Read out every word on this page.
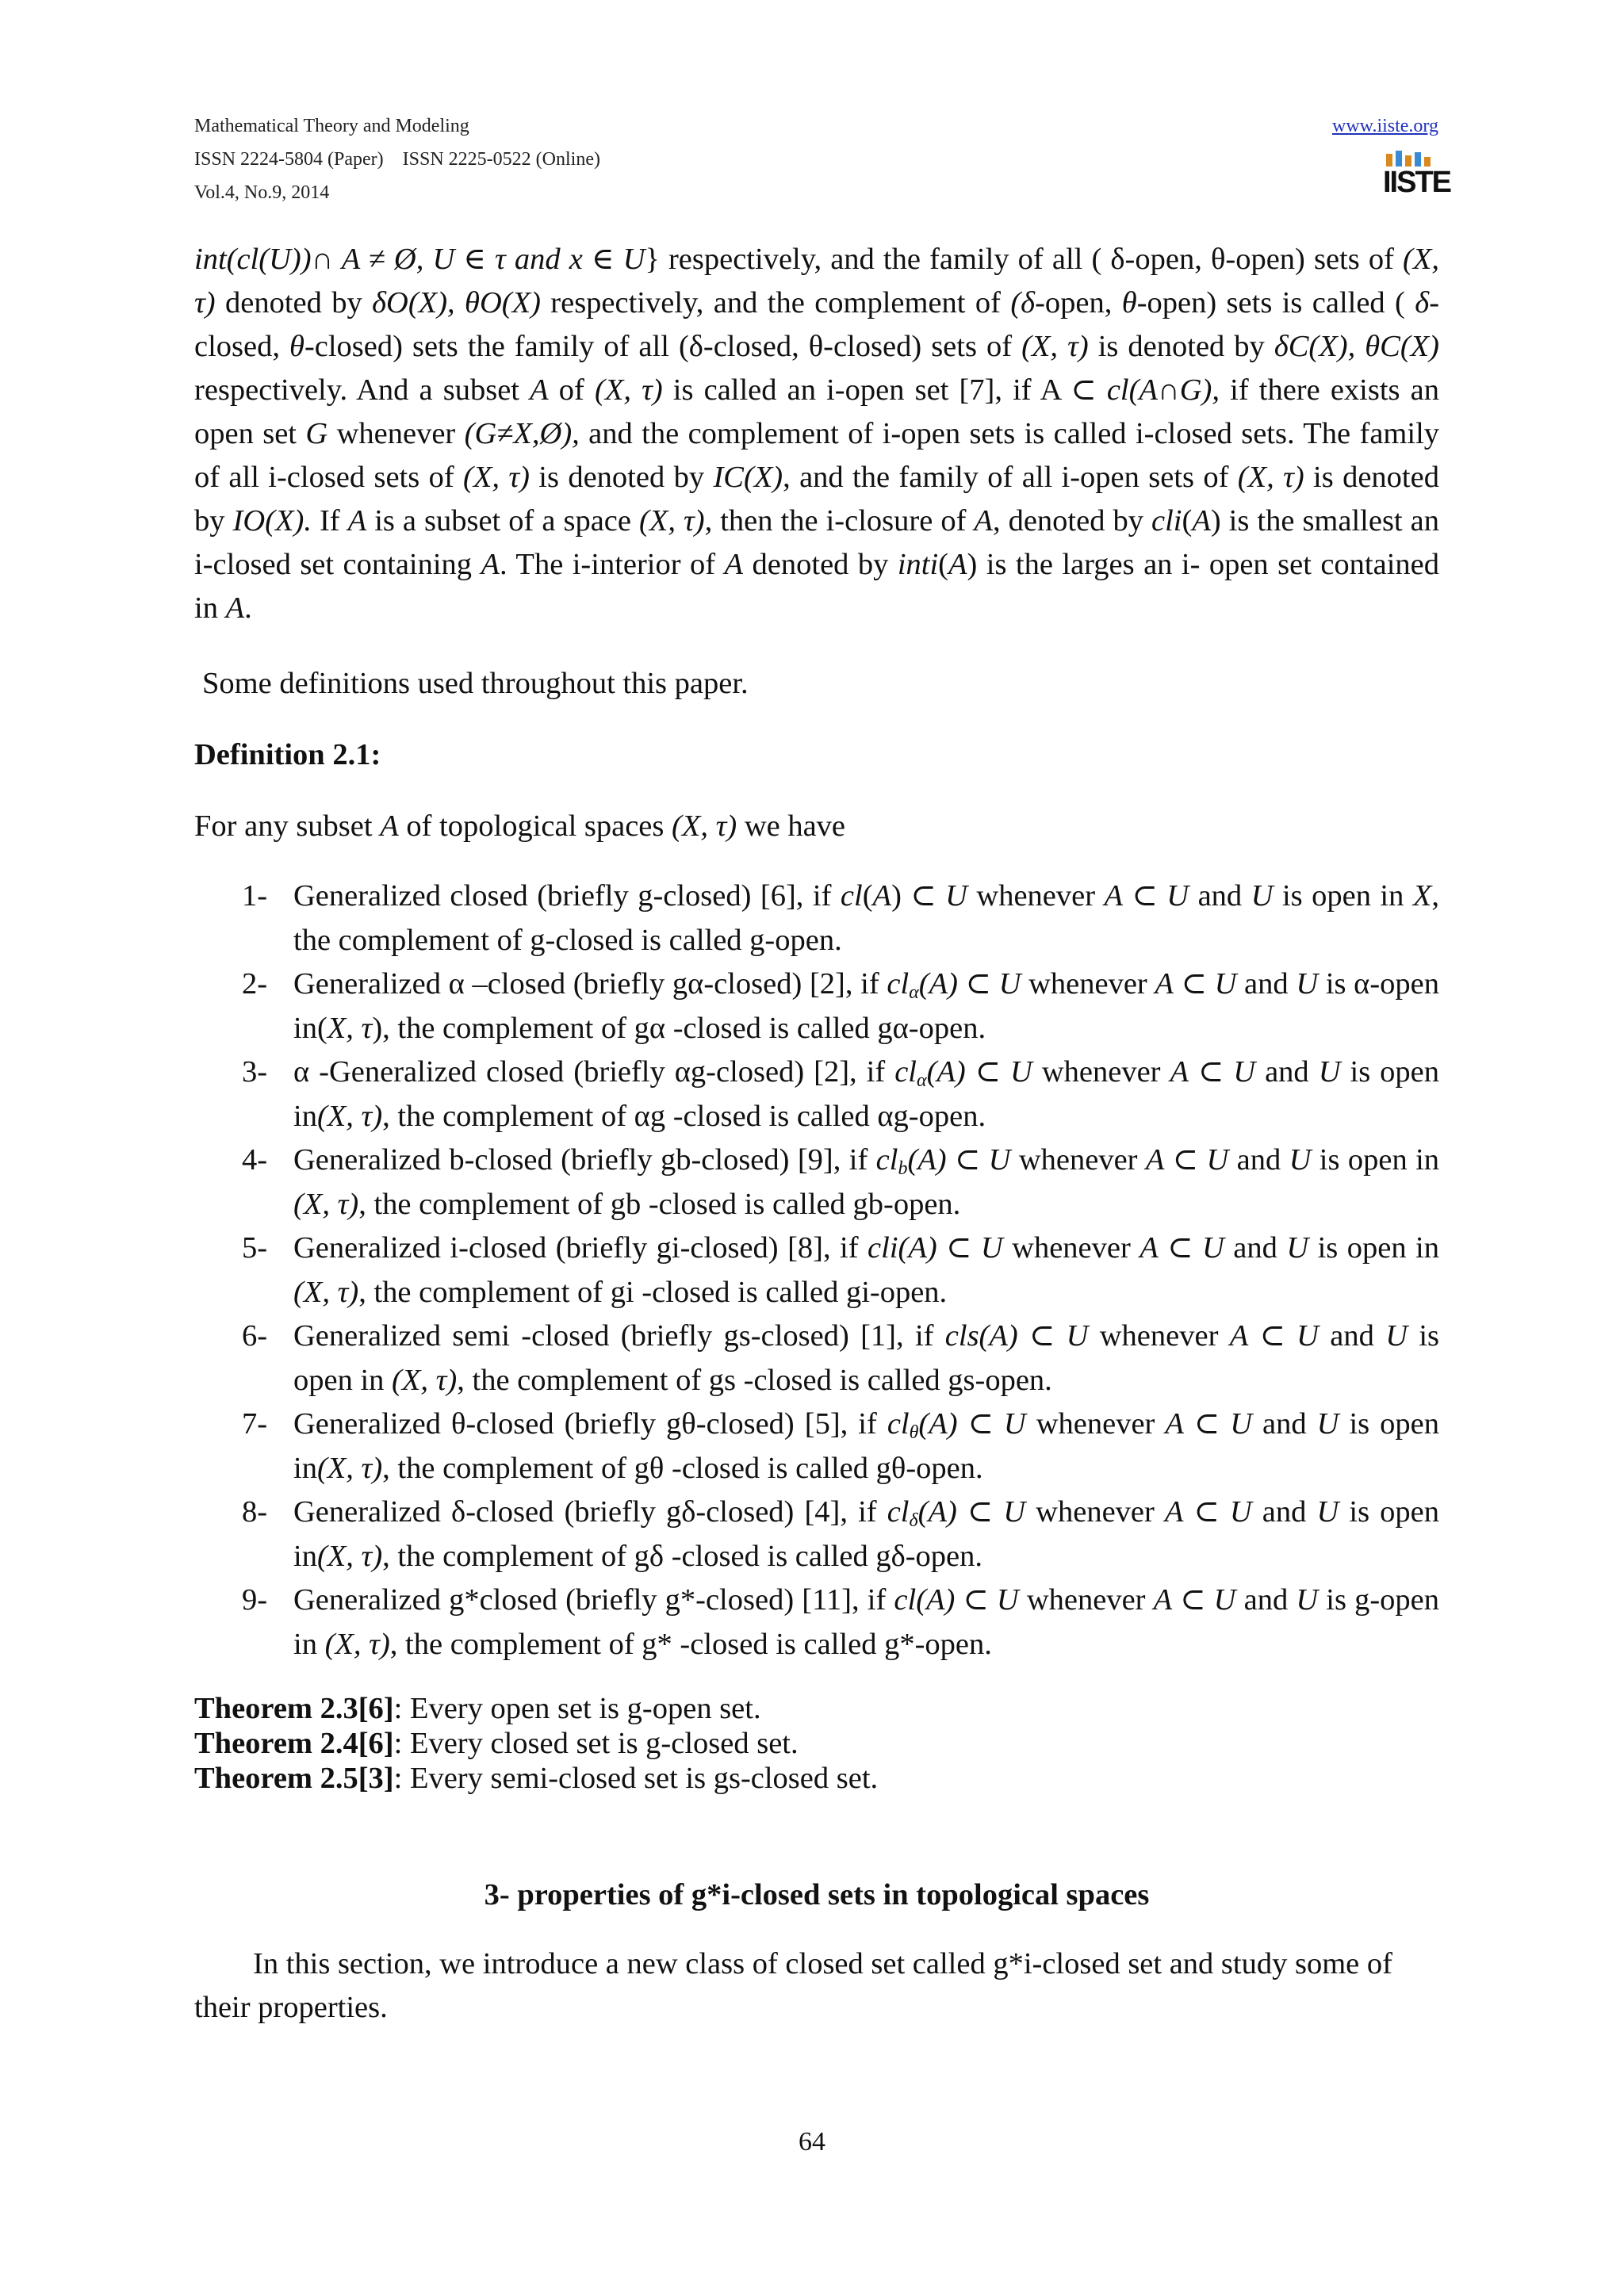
Mathematical Theory and Modeling
ISSN 2224-5804 (Paper)    ISSN 2225-0522 (Online)
Vol.4, No.9, 2014
www.iiste.org
IISTE
int(cl(U))∩ A ≠ Ø, U ∈ τ and x ∈ U} respectively, and the family of all ( δ-open, θ-open) sets of (X, τ) denoted by δO(X), θO(X) respectively, and the complement of (δ-open, θ-open) sets is called ( δ-closed, θ-closed) sets the family of all (δ-closed, θ-closed) sets of (X, τ) is denoted by δC(X), θC(X) respectively. And a subset A of (X, τ) is called an i-open set [7], if A ⊂ cl(A∩G), if there exists an open set G whenever (G≠X,Ø), and the complement of i-open sets is called i-closed sets. The family of all i-closed sets of (X, τ) is denoted by IC(X), and the family of all i-open sets of (X, τ) is denoted by IO(X). If A is a subset of a space (X, τ), then the i-closure of A, denoted by cli(A) is the smallest an i-closed set containing A. The i-interior of A denoted by inti(A) is the larges an i- open set contained in A.
Some definitions used throughout this paper.
Definition 2.1:
For any subset A of topological spaces (X, τ) we have
1- Generalized closed (briefly g-closed) [6], if cl(A) ⊂ U whenever A ⊂ U and U is open in X, the complement of g-closed is called g-open.
2- Generalized α –closed (briefly gα-closed) [2], if $cl_\alpha(A)$ ⊂ U whenever A ⊂ U and U is α-open in(X, τ), the complement of gα -closed is called gα-open.
3- α -Generalized closed (briefly αg-closed) [2], if $cl_\alpha(A)$ ⊂ U whenever A ⊂ U and U is open in(X, τ), the complement of αg -closed is called αg-open.
4- Generalized b-closed (briefly gb-closed) [9], if $cl_b(A)$ ⊂ U whenever A ⊂ U and U is open in (X, τ), the complement of gb -closed is called gb-open.
5- Generalized i-closed (briefly gi-closed) [8], if cli(A) ⊂ U whenever A ⊂ U and U is open in (X, τ), the complement of gi -closed is called gi-open.
6- Generalized semi -closed (briefly gs-closed) [1], if cls(A) ⊂ U whenever A ⊂ U and U is open in (X, τ), the complement of gs -closed is called gs-open.
7- Generalized θ-closed (briefly gθ-closed) [5], if $cl_\theta(A)$ ⊂ U whenever A ⊂ U and U is open in(X, τ), the complement of gθ -closed is called gθ-open.
8- Generalized δ-closed (briefly gδ-closed) [4], if $cl_\delta(A)$ ⊂ U whenever A ⊂ U and U is open in(X, τ), the complement of gδ -closed is called gδ-open.
9- Generalized g*closed (briefly g*-closed) [11], if cl(A) ⊂ U whenever A ⊂ U and U is g-open in (X, τ), the complement of g* -closed is called g*-open.
Theorem 2.3[6]: Every open set is g-open set.
Theorem 2.4[6]: Every closed set is g-closed set.
Theorem 2.5[3]: Every semi-closed set is gs-closed set.
3- properties of g*i-closed sets in topological spaces
In this section, we introduce a new class of closed set called g*i-closed set and study some of their properties.
64
